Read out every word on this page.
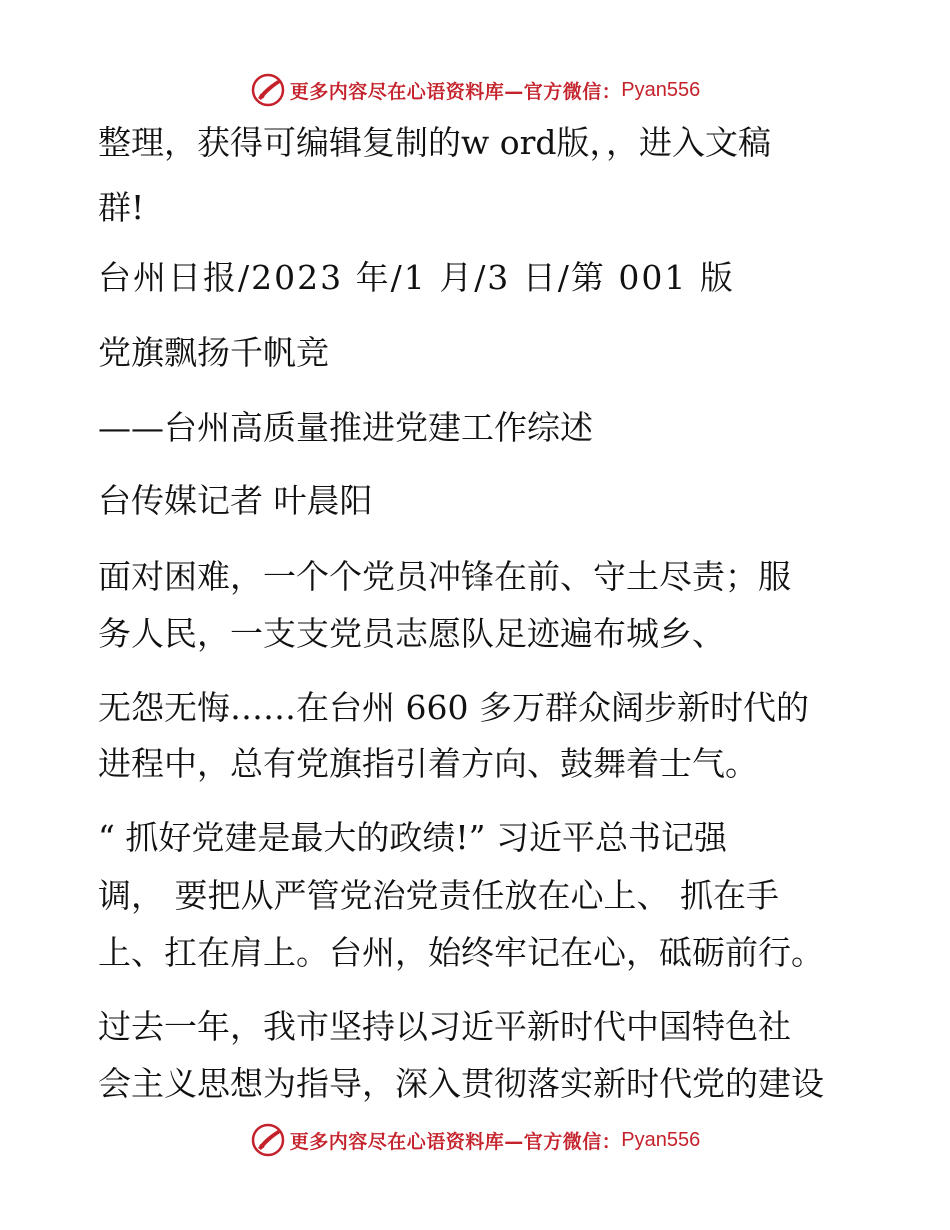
更多内容尽在心语资料库—官方微信： Pyan556
整理，获得可编辑复制的w ord版，，进入文稿
群!
台州日报/2023 年/1 月/3 日/第 001 版
党旗飘扬千帆竞
——台州高质量推进党建工作综述
台传媒记者 叶晨阳
面对困难，一个个党员冲锋在前、守土尽责；服
务人民，一支支党员志愿队足迹遍布城乡、
无怨无悔……在台州 660 多万群众阔步新时代的
进程中，总有党旗指引着方向、鼓舞着士气。
“ 抓好党建是最大的政绩!” 习近平总书记强
调， 要把从严管党治党责任放在心上、 抓在手
上、扛在肩上。台州，始终牢记在心，砥砺前行。
过去一年，我市坚持以习近平新时代中国特色社
会主义思想为指导，深入贯彻落实新时代党的建设
更多内容尽在心语资料库—官方微信： Pyan556
